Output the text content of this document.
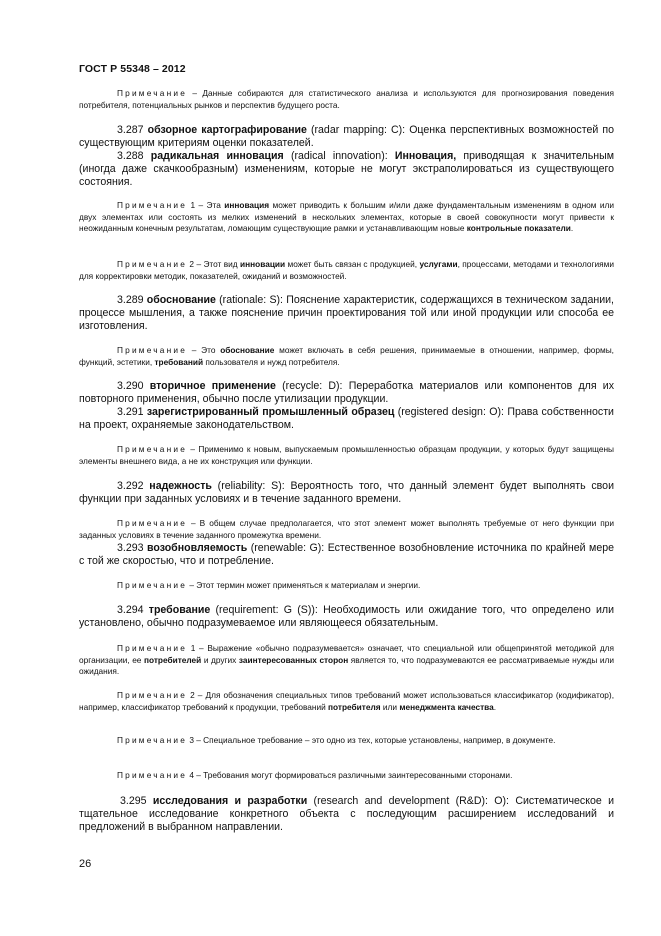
ГОСТ Р 55348 – 2012
Примечание – Данные собираются для статистического анализа и используются для прогнозирования поведения потребителя, потенциальных рынков и перспектив будущего роста.
3.287 обзорное картографирование (radar mapping: C): Оценка перспективных возможностей по существующим критериям оценки показателей.
3.288 радикальная инновация (radical innovation): Инновация, приводящая к значительным (иногда даже скачкообразным) изменениям, которые не могут экстраполироваться из существующего состояния.
Примечание 1 – Эта инновация может приводить к большим и/или даже фундаментальным изменениям в одном или двух элементах или состоять из мелких изменений в нескольких элементах, которые в своей совокупности могут привести к неожиданным конечным результатам, ломающим существующие рамки и устанавливающим новые контрольные показатели.
Примечание 2 – Этот вид инновации может быть связан с продукцией, услугами, процессами, методами и технологиями для корректировки методик, показателей, ожиданий и возможностей.
3.289 обоснование (rationale: S): Пояснение характеристик, содержащихся в техническом задании, процессе мышления, а также пояснение причин проектирования той или иной продукции или способа ее изготовления.
Примечание – Это обоснование может включать в себя решения, принимаемые в отношении, например, формы, функций, эстетики, требований пользователя и нужд потребителя.
3.290 вторичное применение (recycle: D): Переработка материалов или компонентов для их повторного применения, обычно после утилизации продукции.
3.291 зарегистрированный промышленный образец (registered design: O): Права собственности на проект, охраняемые законодательством.
Примечание – Применимо к новым, выпускаемым промышленностью образцам продукции, у которых будут защищены элементы внешнего вида, а не их конструкция или функции.
3.292 надежность (reliability: S): Вероятность того, что данный элемент будет выполнять свои функции при заданных условиях и в течение заданного времени.
Примечание – В общем случае предполагается, что этот элемент может выполнять требуемые от него функции при заданных условиях в течение заданного промежутка времени.
3.293 возобновляемость (renewable: G): Естественное возобновление источника по крайней мере с той же скоростью, что и потребление.
Примечание – Этот термин может применяться к материалам и энергии.
3.294 требование (requirement: G (S)): Необходимость или ожидание того, что определено или установлено, обычно подразумеваемое или являющееся обязательным.
Примечание 1 – Выражение «обычно подразумевается» означает, что специальной или общепринятой методикой для организации, ее потребителей и других заинтересованных сторон является то, что подразумеваются ее рассматриваемые нужды или ожидания.
Примечание 2 – Для обозначения специальных типов требований может использоваться классификатор (кодификатор), например, классификатор требований к продукции, требований потребителя или менеджмента качества.
Примечание 3 – Специальное требование – это одно из тех, которые установлены, например, в документе.
Примечание 4 – Требования могут формироваться различными заинтересованными сторонами.
3.295 исследования и разработки (research and development (R&D): O): Систематическое и тщательное исследование конкретного объекта с последующим расширением исследований и предложений в выбранном направлении.
26
